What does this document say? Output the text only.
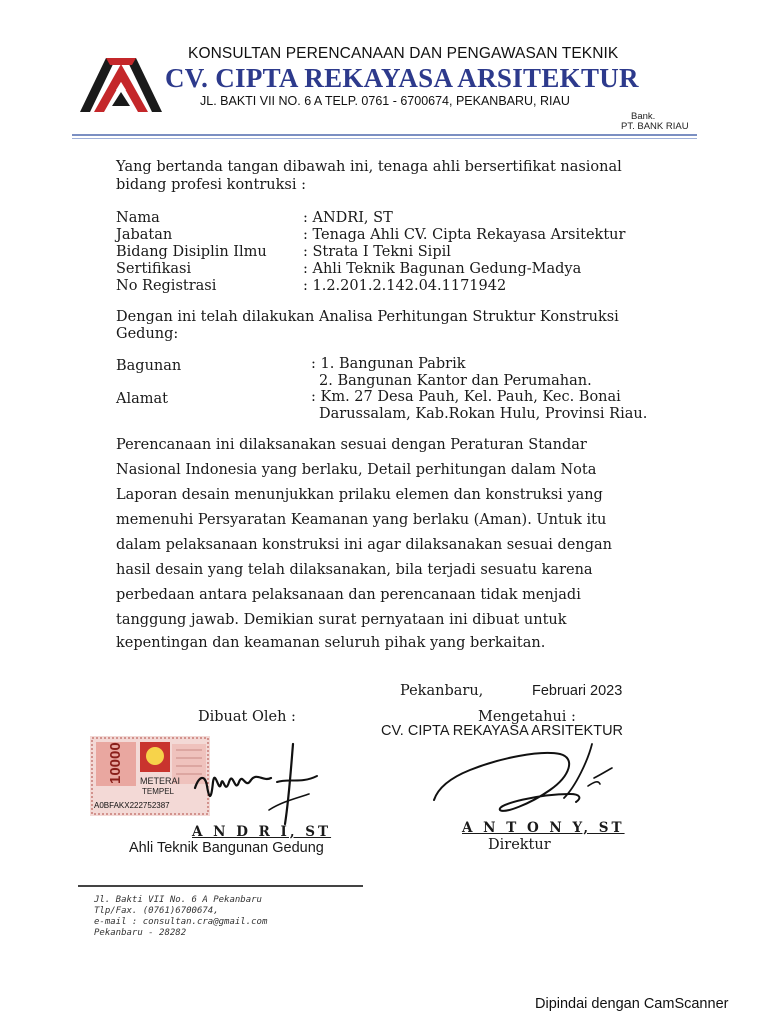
KONSULTAN PERENCANAAN DAN PENGAWASAN TEKNIK
CV. CIPTA REKAYASA ARSITEKTUR
JL. BAKTI VII NO. 6 A TELP. 0761 - 6700674, PEKANBARU, RIAU
Bank.
PT. BANK RIAU
Yang bertanda tangan dibawah ini, tenaga ahli bersertifikat nasional
bidang profesi kontruksi :
Nama	: ANDRI, ST
Jabatan	: Tenaga Ahli CV. Cipta Rekayasa Arsitektur
Bidang Disiplin Ilmu	: Strata I Tekni Sipil
Sertifikasi	: Ahli Teknik Bagunan Gedung-Madya
No Registrasi	: 1.2.201.2.142.04.1171942
Dengan ini telah dilakukan Analisa Perhitungan Struktur Konstruksi
Gedung:
Bagunan	: 1. Bangunan Pabrik
2. Bangunan Kantor dan Perumahan.
Alamat	: Km. 27 Desa Pauh, Kel. Pauh, Kec. Bonai
Darussalam, Kab.Rokan Hulu, Provinsi Riau.
Perencanaan ini dilaksanakan sesuai dengan Peraturan Standar
Nasional Indonesia yang berlaku, Detail perhitungan dalam Nota
Laporan desain menunjukkan prilaku elemen dan konstruksi yang
memenuhi Persyaratan Keamanan yang berlaku (Aman). Untuk itu
dalam pelaksanaan konstruksi ini agar dilaksanakan sesuai dengan
hasil desain yang telah dilaksanakan, bila terjadi sesuatu karena
perbedaan antara pelaksanaan dan perencanaan tidak menjadi
tanggung jawab. Demikian surat pernyataan ini dibuat untuk
kepentingan dan keamanan seluruh pihak yang berkaitan.
Pekanbaru,	Februari 2023
Dibuat Oleh :	Mengetahui :
CV. CIPTA REKAYASA ARSITEKTUR
10000 METERAI
TEMPEL
A0BFAKX222752387
A N D R I, ST
Ahli Teknik Bangunan Gedung
A N T O N Y, ST
Direktur
Jl. Bakti VII No. 6 A Pekanbaru
Tlp/Fax. (0761)6700674,
e-mail : consultan.cra@gmail.com
Pekanbaru - 28282
Dipindai dengan CamScanner
